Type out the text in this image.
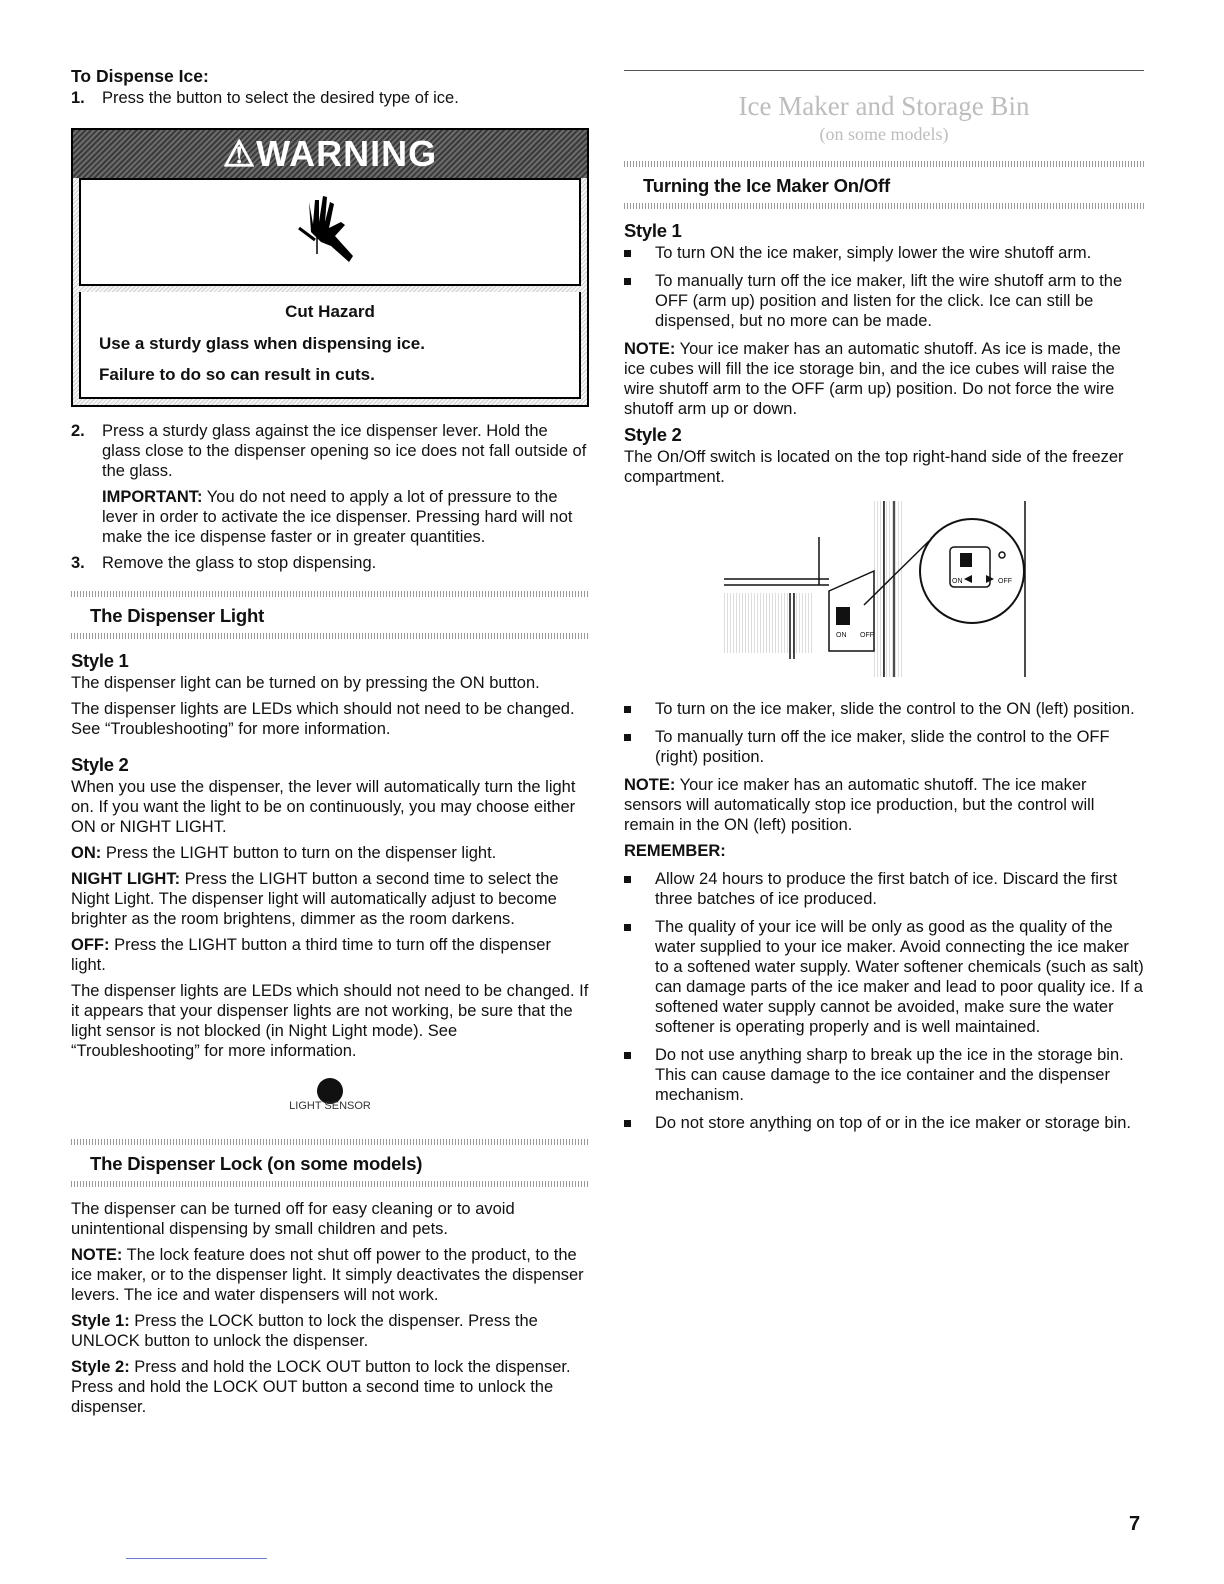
To Dispense Ice:
1.	Press the button to select the desired type of ice.
⚠WARNING
Cut Hazard
Use a sturdy glass when dispensing ice.
Failure to do so can result in cuts.
2.	Press a sturdy glass against the ice dispenser lever. Hold the glass close to the dispenser opening so ice does not fall outside of the glass.

IMPORTANT: You do not need to apply a lot of pressure to the lever in order to activate the ice dispenser. Pressing hard will not make the ice dispense faster or in greater quantities.

3.	Remove the glass to stop dispensing.
The Dispenser Light
Style 1

The dispenser light can be turned on by pressing the ON button.

The dispenser lights are LEDs which should not need to be changed. See “Troubleshooting” for more information.

Style 2

When you use the dispenser, the lever will automatically turn the light on. If you want the light to be on continuously, you may choose either ON or NIGHT LIGHT.

ON: Press the LIGHT button to turn on the dispenser light.

NIGHT LIGHT: Press the LIGHT button a second time to select the Night Light. The dispenser light will automatically adjust to become brighter as the room brightens, dimmer as the room darkens.

OFF: Press the LIGHT button a third time to turn off the dispenser light.

The dispenser lights are LEDs which should not need to be changed. If it appears that your dispenser lights are not working, be sure that the light sensor is not blocked (in Night Light mode). See “Troubleshooting” for more information.

LIGHT SENSOR
The Dispenser Lock (on some models)

The dispenser can be turned off for easy cleaning or to avoid unintentional dispensing by small children and pets.

NOTE: The lock feature does not shut off power to the product, to the ice maker, or to the dispenser light. It simply deactivates the dispenser levers. The ice and water dispensers will not work.

Style 1: Press the LOCK button to lock the dispenser. Press the UNLOCK button to unlock the dispenser.

Style 2: Press and hold the LOCK OUT button to lock the dispenser. Press and hold the LOCK OUT button a second time to unlock the dispenser.

Ice Maker and Storage Bin
(on some models)
Turning the Ice Maker On/Off
Style 1
To turn ON the ice maker, simply lower the wire shutoff arm.
To manually turn off the ice maker, lift the wire shutoff arm to the OFF (arm up) position and listen for the click. Ice can still be dispensed, but no more can be made.

NOTE: Your ice maker has an automatic shutoff. As ice is made, the ice cubes will fill the ice storage bin, and the ice cubes will raise the wire shutoff arm to the OFF (arm up) position. Do not force the wire shutoff arm up or down.

Style 2

The On/Off switch is located on the top right-hand side of the freezer compartment.

ON OFF
ON	OFF
To turn on the ice maker, slide the control to the ON (left) position.
To manually turn off the ice maker, slide the control to the OFF (right) position.

NOTE: Your ice maker has an automatic shutoff. The ice maker sensors will automatically stop ice production, but the control will remain in the ON (left) position.

REMEMBER:

Allow 24 hours to produce the first batch of ice. Discard the first three batches of ice produced.
The quality of your ice will be only as good as the quality of the water supplied to your ice maker. Avoid connecting the ice maker to a softened water supply. Water softener chemicals (such as salt) can damage parts of the ice maker and lead to poor quality ice. If a softened water supply cannot be avoided, make sure the water softener is operating properly and is well maintained.
Do not use anything sharp to break up the ice in the storage bin. This can cause damage to the ice container and the dispenser mechanism.
Do not store anything on top of or in the ice maker or storage bin.
7
